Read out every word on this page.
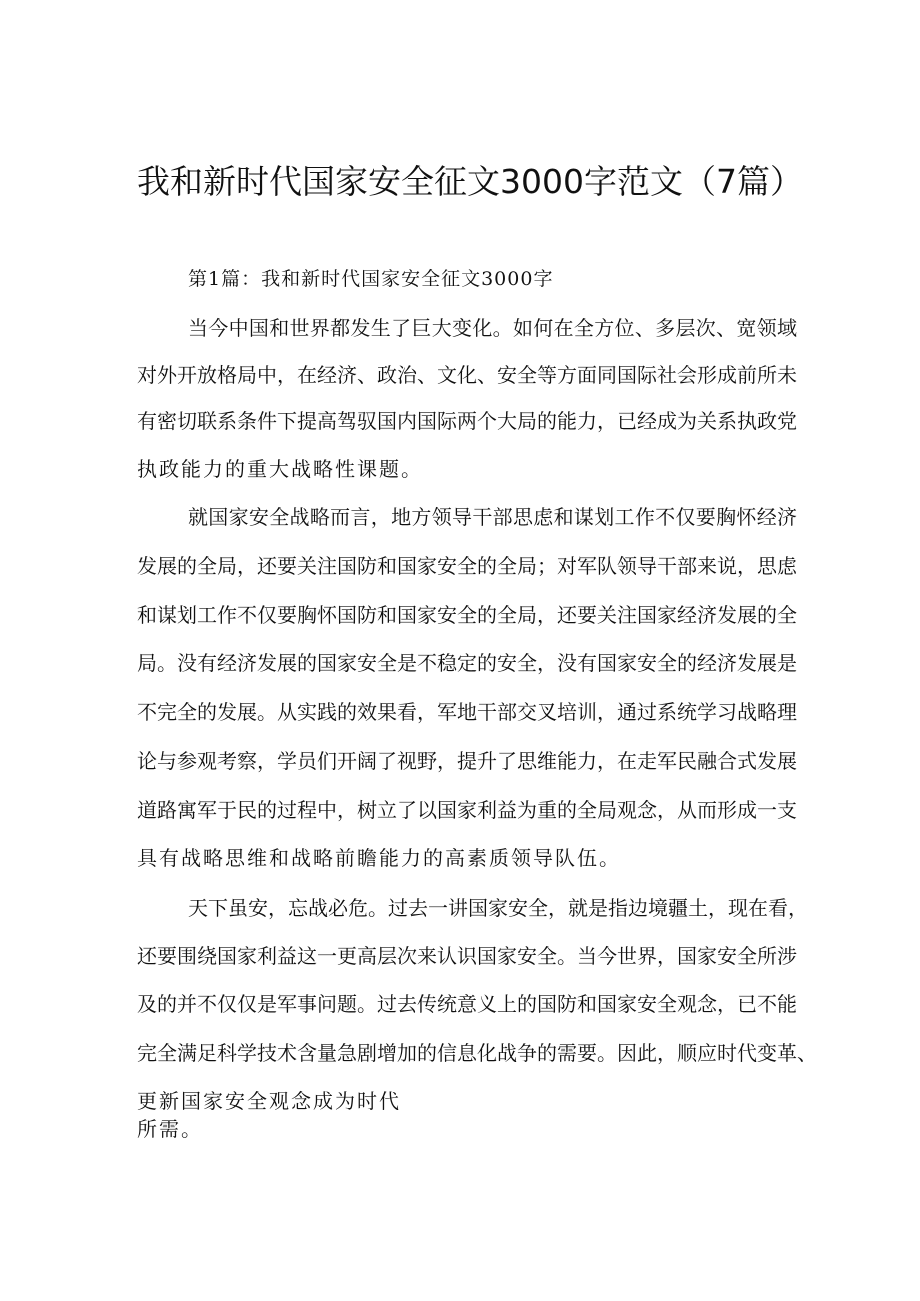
我和新时代国家安全征文3000字范文（7篇）
第1篇：我和新时代国家安全征文3000字
当今中国和世界都发生了巨大变化。如何在全方位、多层次、宽领域
对外开放格局中，在经济、政治、文化、安全等方面同国际社会形成前所未
有密切联系条件下提高驾驭国内国际两个大局的能力，已经成为关系执政党
执政能力的重大战略性课题。
就国家安全战略而言，地方领导干部思虑和谋划工作不仅要胸怀经济
发展的全局，还要关注国防和国家安全的全局；对军队领导干部来说，思虑
和谋划工作不仅要胸怀国防和国家安全的全局，还要关注国家经济发展的全
局。没有经济发展的国家安全是不稳定的安全，没有国家安全的经济发展是
不完全的发展。从实践的效果看，军地干部交叉培训，通过系统学习战略理
论与参观考察，学员们开阔了视野，提升了思维能力，在走军民融合式发展
道路寓军于民的过程中，树立了以国家利益为重的全局观念，从而形成一支
具有战略思维和战略前瞻能力的高素质领导队伍。
天下虽安，忘战必危。过去一讲国家安全，就是指边境疆土，现在看，
还要围绕国家利益这一更高层次来认识国家安全。当今世界，国家安全所涉
及的并不仅仅是军事问题。过去传统意义上的国防和国家安全观念，已不能
完全满足科学技术含量急剧增加的信息化战争的需要。因此，顺应时代变革、
更新国家安全观念成为时代
所需。
